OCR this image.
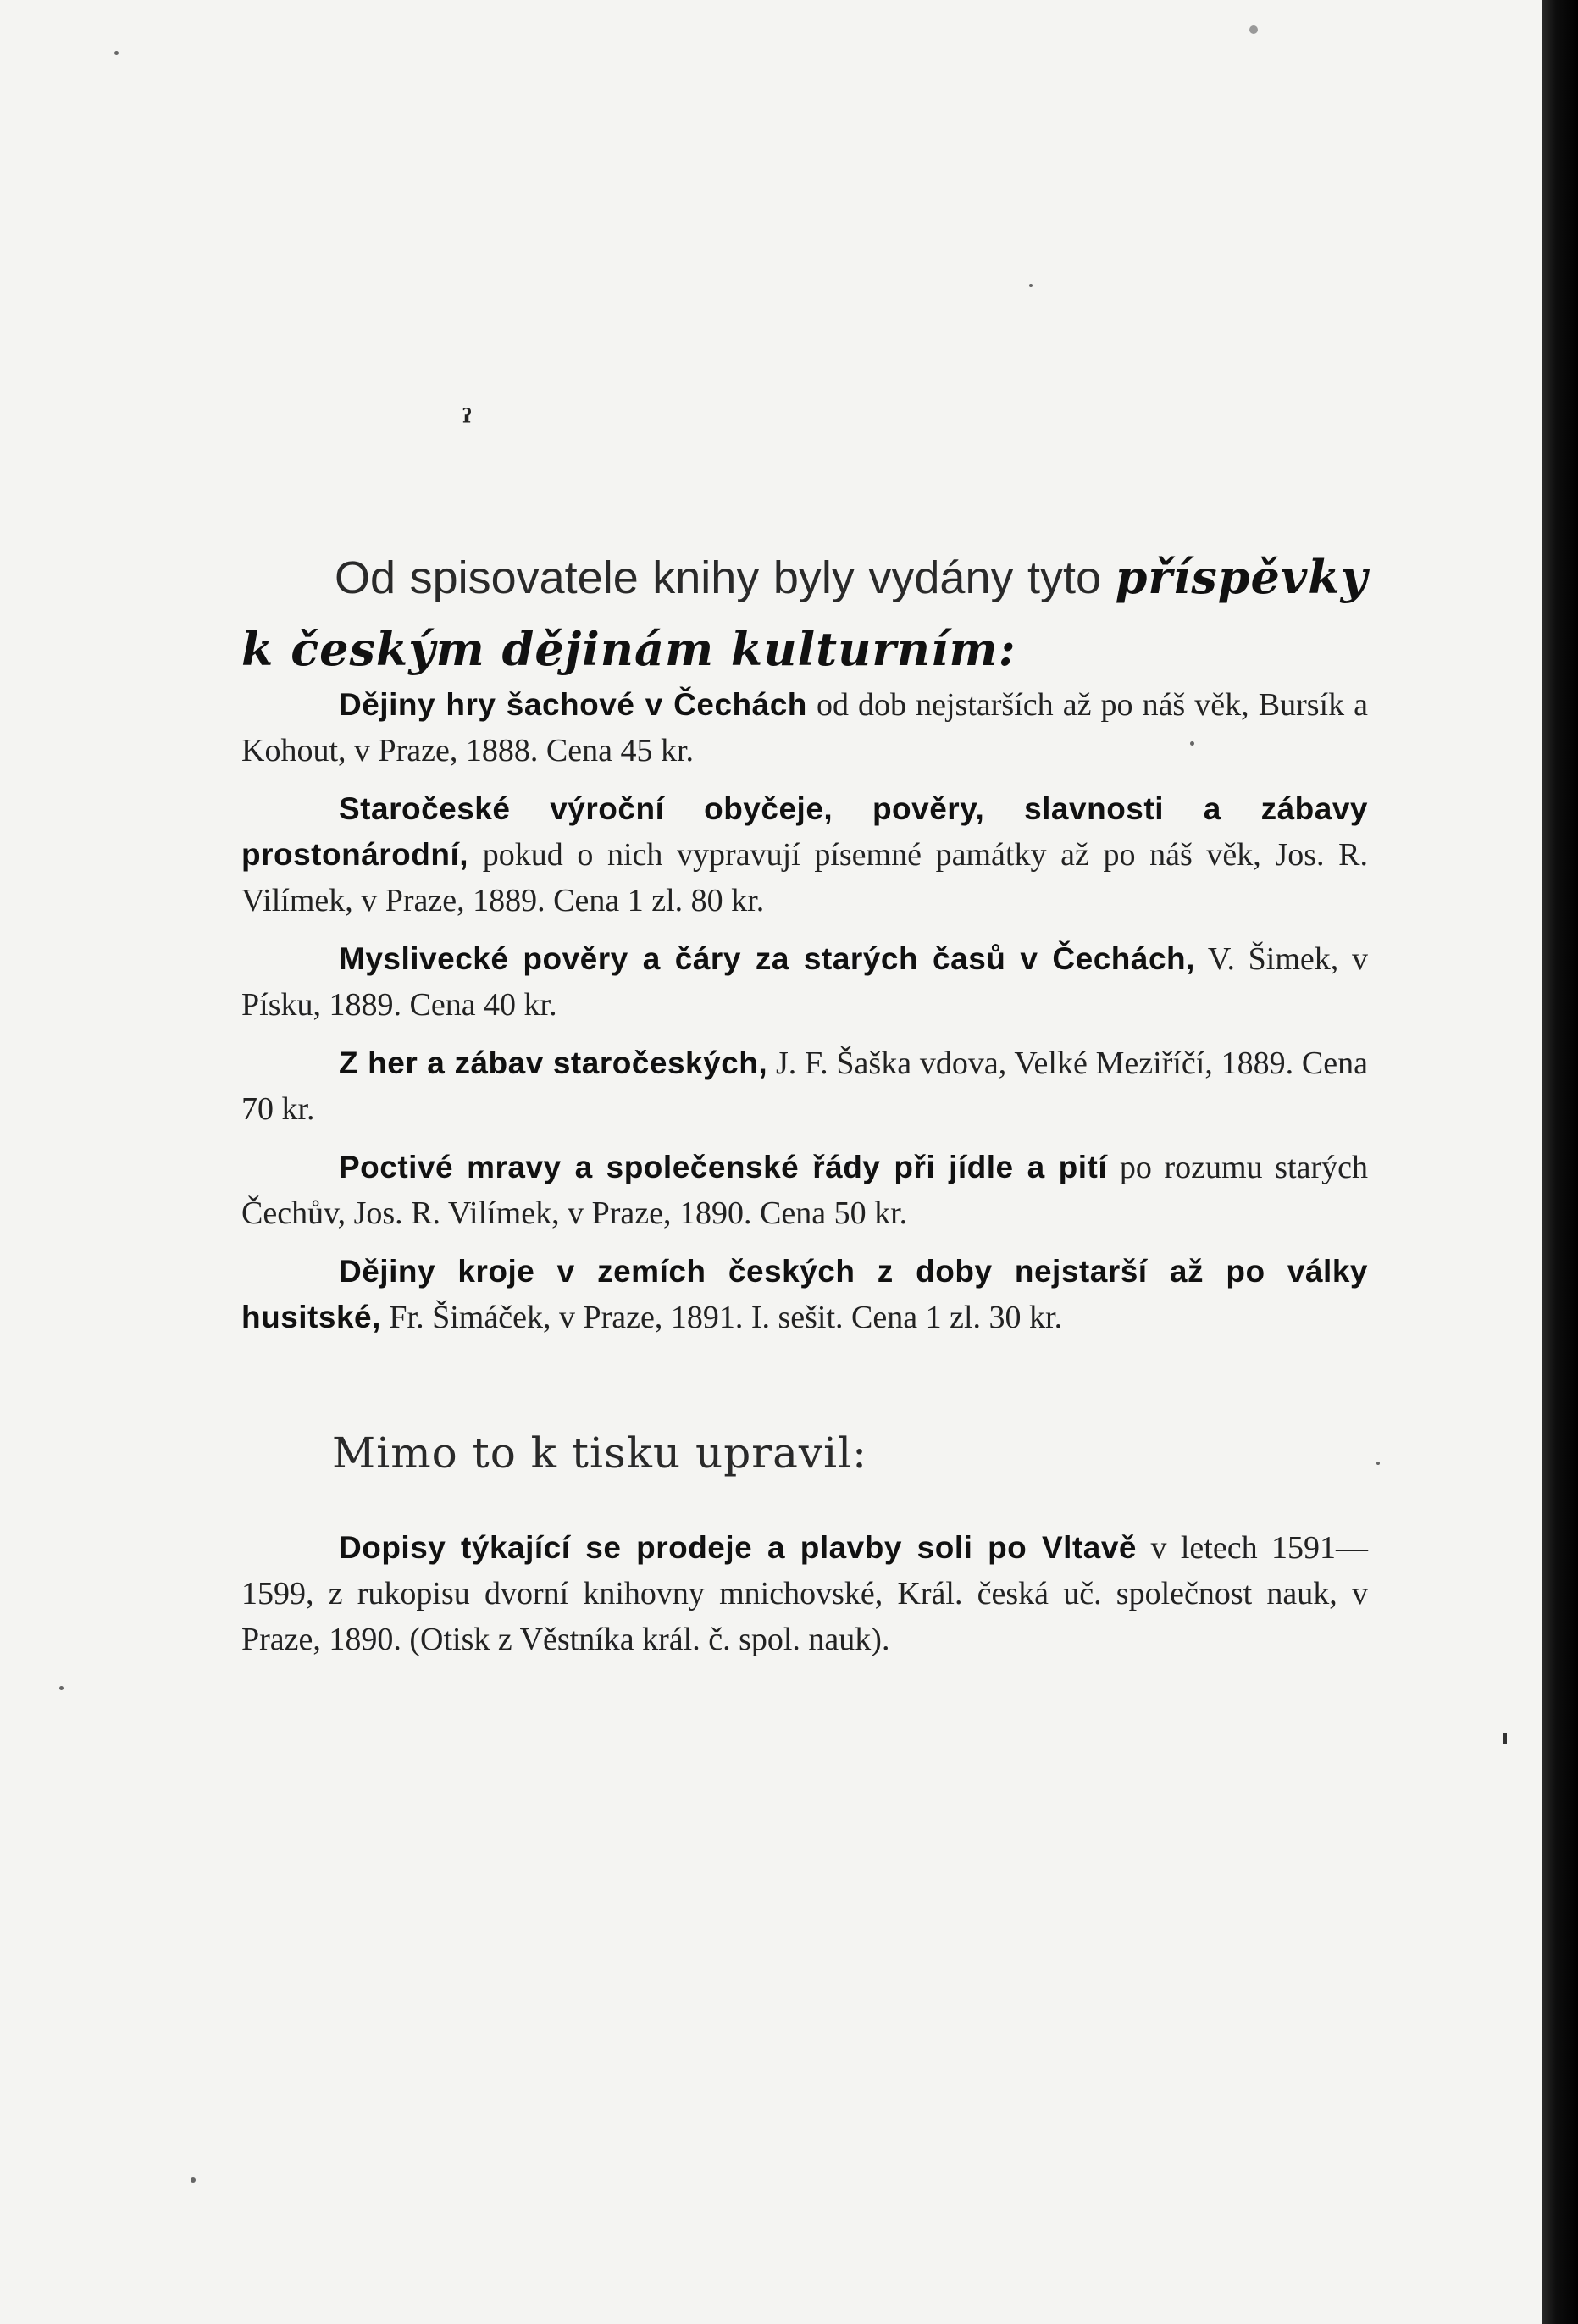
ˀ

Od spisovatele knihy byly vydány tyto příspěvky k českým dějinám kulturním:

Dějiny hry šachové v Čechách od dob nejstarších až po náš věk, Bursík a Kohout, v Praze, 1888. Cena 45 kr.

Staročeské výroční obyčeje, pověry, slavnosti a zábavy prostonárodní, pokud o nich vypravují písemné památky až po náš věk, Jos. R. Vilímek, v Praze, 1889. Cena 1 zl. 80 kr.

Myslivecké pověry a čáry za starých časů v Čechách, V. Šimek, v Písku, 1889. Cena 40 kr.

Z her a zábav staročeských, J. F. Šaška vdova, Velké Meziříčí, 1889. Cena 70 kr.

Poctivé mravy a společenské řády při jídle a pití po rozumu starých Čechův, Jos. R. Vilímek, v Praze, 1890. Cena 50 kr.

Dějiny kroje v zemích českých z doby nejstarší až po války husitské, Fr. Šimáček, v Praze, 1891. I. sešit. Cena 1 zl. 30 kr.

Mimo to k tisku upravil:

Dopisy týkající se prodeje a plavby soli po Vltavě v letech 1591—1599, z rukopisu dvorní knihovny mnichovské, Král. česká uč. společnost nauk, v Praze, 1890. (Otisk z Věstníka král. č. spol. nauk).
